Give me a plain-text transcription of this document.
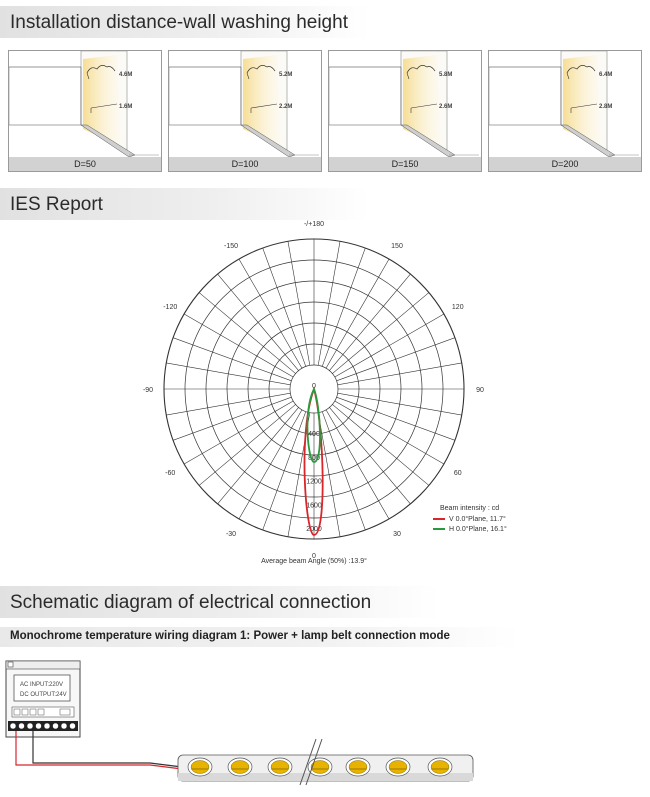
Installation distance-wall washing height
4.6M
1.6M
D=50
5.2M
2.2M
D=100
5.8M
2.6M
D=150
6.4M
2.8M
D=200
IES Report
-/+180
150
120
90
60
30
0
-30
-60
-90
-120
-150
0
400
800
1200
1600
2000
Beam intensity : cd
V 0.0°Plane, 11.7°
H 0.0°Plane, 16.1°
Average beam Angle (50%) :13.9°
Schematic diagram of electrical connection
Monochrome temperature wiring diagram 1: Power + lamp belt connection mode
AC INPUT:220V
DC OUTPUT:24V
